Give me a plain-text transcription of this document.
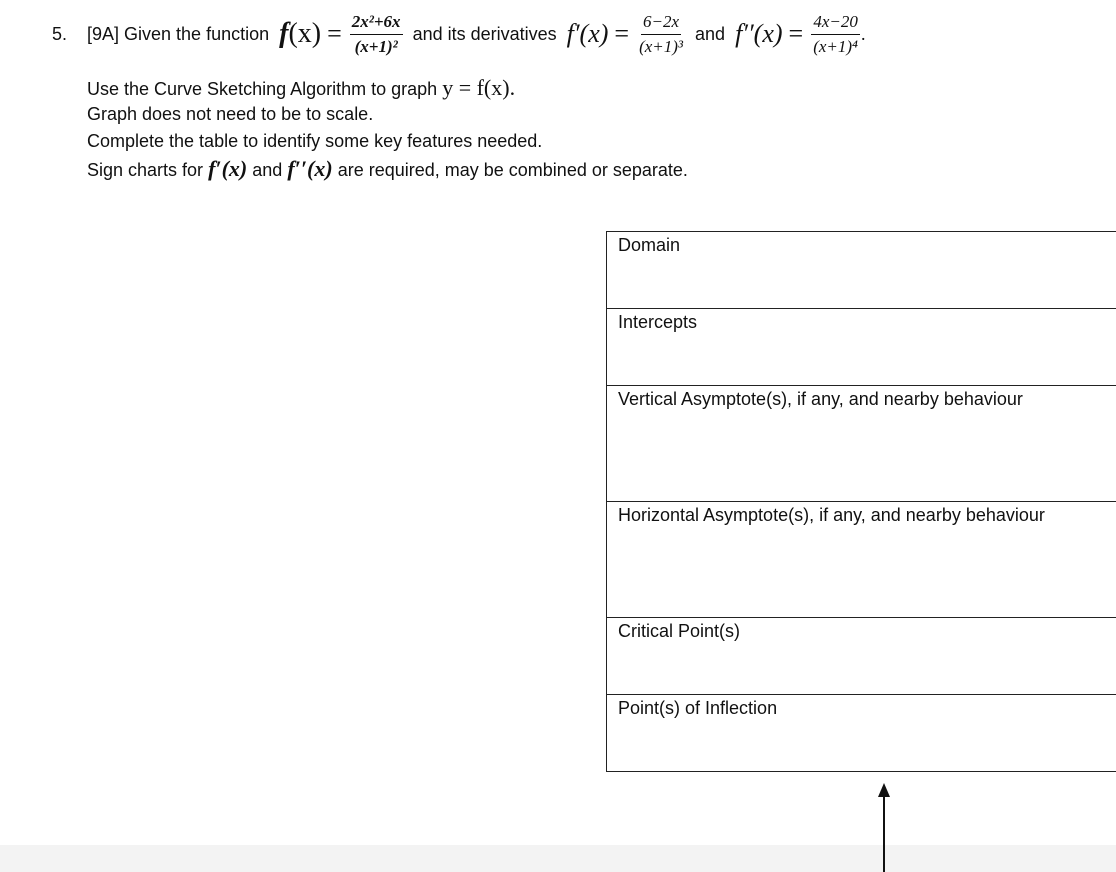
5. [9A] Given the function $f(x) = \frac{\text{2x²+6x}}{\text{(x+1)²}}$ and its derivatives $f'(x) = \frac{6-2x}{\text{(x+1)³}}$ and $f''(x) = \frac{4x-20}{\text{(x+1)⁴}}$ .
Use the Curve Sketching Algorithm to graph y = f(x).
Graph does not need to be to scale.
Complete the table to identify some key features needed.
Sign charts for f′(x) and f′′(x) are required, may be combined or separate.
Domain
Intercepts
Vertical Asymptote(s), if any, and nearby behaviour
Horizontal Asymptote(s), if any, and nearby behaviour
Critical Point(s)
Point(s) of Inflection
